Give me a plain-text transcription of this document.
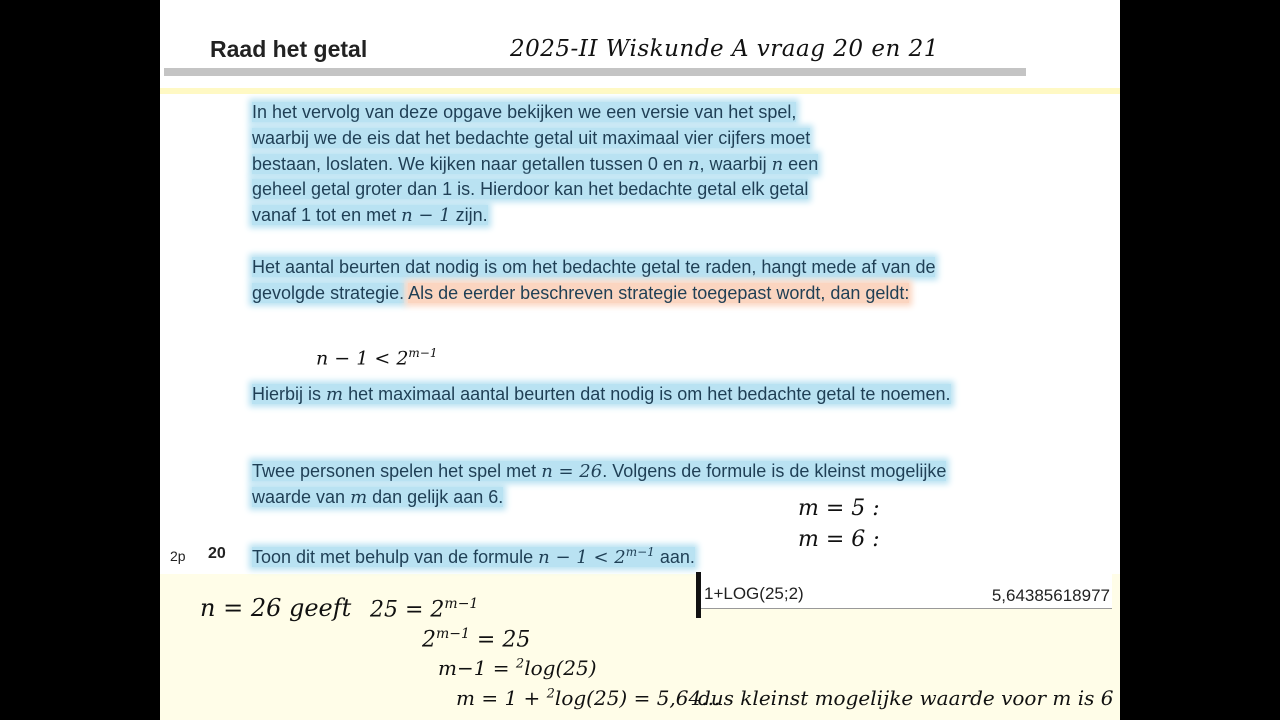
Raad het getal	2025-II Wiskunde A vraag 20 en 21
In het vervolg van deze opgave bekijken we een versie van het spel,
waarbij we de eis dat het bedachte getal uit maximaal vier cijfers moet
bestaan, loslaten. We kijken naar getallen tussen 0 en n, waarbij n een
geheel getal groter dan 1 is. Hierdoor kan het bedachte getal elk getal
vanaf 1 tot en met n − 1 zijn.
Het aantal beurten dat nodig is om het bedachte getal te raden, hangt mede af van de gevolgde strategie. Als de eerder beschreven strategie toegepast wordt, dan geldt:
$n - 1 < 2^{m-1}$
Hierbij is m het maximaal aantal beurten dat nodig is om het bedachte getal te noemen.
Twee personen spelen het spel met n = 26. Volgens de formule is de kleinst mogelijke waarde van m dan gelijk aan 6.
2p 20 Toon dit met behulp van de formule $n - 1 < 2^{m-1}$ aan.
m = 5 :
m = 6 :
n = 26 geeft $25 = 2^{m-1}$
$2^{m-1} = 25$
m−1 = $^2$log(25)
m = 1 + $^2$log(25) = 5,64...
dus kleinst mogelijke waarde voor m is 6
1+LOG(25;2)	5,64385618977
